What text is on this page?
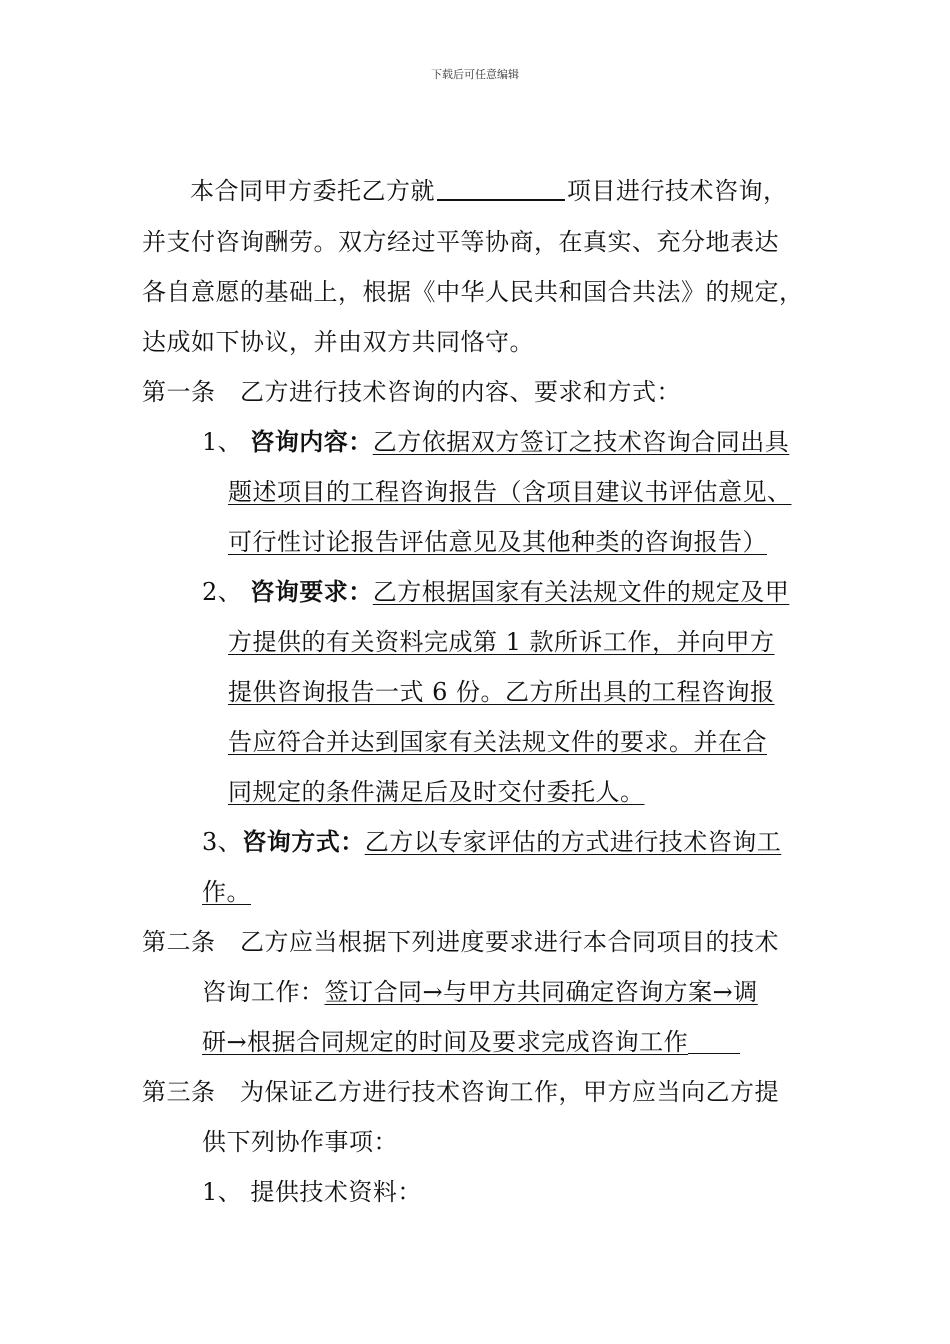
下载后可任意编辑
本合同甲方委托乙方就	项目进行技术咨询，
并支付咨询酬劳。双方经过平等协商，在真实、充分地表达
各自意愿的基础上，根据《中华人民共和国合共法》的规定，
达成如下协议，并由双方共同恪守。
第一条　乙方进行技术咨询的内容、要求和方式：
1、 咨询内容：乙方依据双方签订之技术咨询合同出具
题述项目的工程咨询报告（含项目建议书评估意见、
可行性讨论报告评估意见及其他种类的咨询报告）
2、 咨询要求：乙方根据国家有关法规文件的规定及甲
方提供的有关资料完成第 1 款所诉工作，并向甲方
提供咨询报告一式 6 份。乙方所出具的工程咨询报
告应符合并达到国家有关法规文件的要求。并在合
同规定的条件满足后及时交付委托人。
3、咨询方式：乙方以专家评估的方式进行技术咨询工
作。
第二条　乙方应当根据下列进度要求进行本合同项目的技术
咨询工作：签订合同→与甲方共同确定咨询方案→调
研→根据合同规定的时间及要求完成咨询工作
第三条　为保证乙方进行技术咨询工作，甲方应当向乙方提
供下列协作事项：
1、 提供技术资料：
